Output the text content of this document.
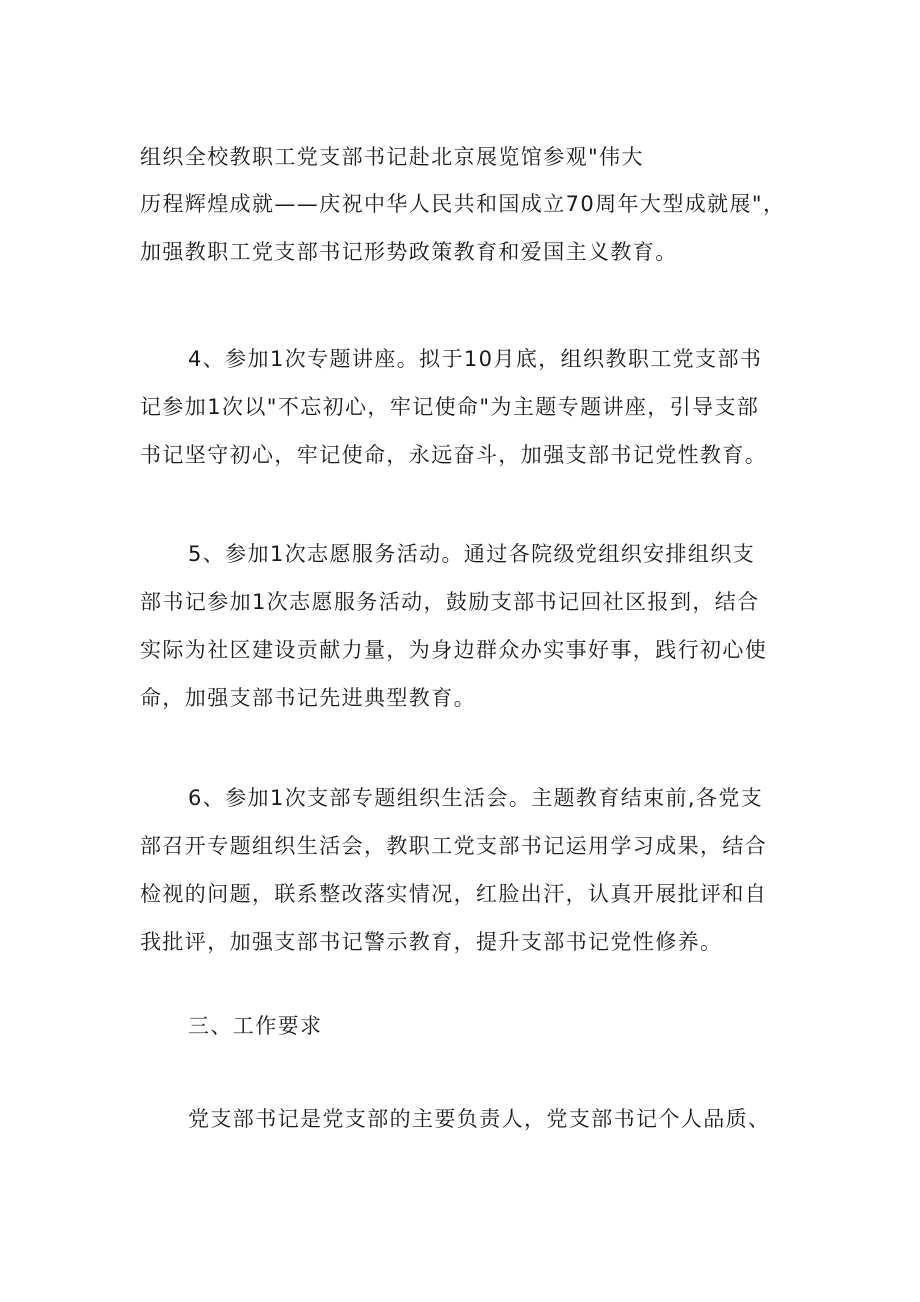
组织全校教职工党支部书记赴北京展览馆参观"伟大
历程辉煌成就——庆祝中华人民共和国成立70周年大型成就展"，
加强教职工党支部书记形势政策教育和爱国主义教育。
4、参加1次专题讲座。拟于10月底，组织教职工党支部书
记参加1次以"不忘初心，牢记使命"为主题专题讲座，引导支部
书记坚守初心，牢记使命，永远奋斗，加强支部书记党性教育。
5、参加1次志愿服务活动。通过各院级党组织安排组织支
部书记参加1次志愿服务活动，鼓励支部书记回社区报到，结合
实际为社区建设贡献力量，为身边群众办实事好事，践行初心使
命，加强支部书记先进典型教育。
6、参加1次支部专题组织生活会。主题教育结束前,各党支
部召开专题组织生活会，教职工党支部书记运用学习成果，结合
检视的问题，联系整改落实情况，红脸出汗，认真开展批评和自
我批评，加强支部书记警示教育，提升支部书记党性修养。
三、工作要求
党支部书记是党支部的主要负责人，党支部书记个人品质、
